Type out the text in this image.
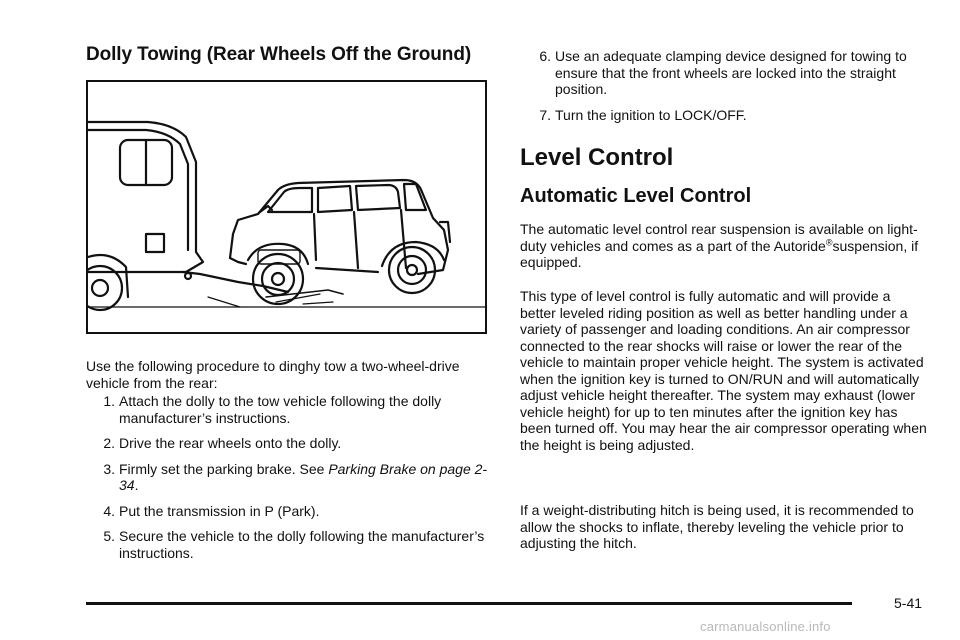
Dolly Towing (Rear Wheels Off the Ground)

Use the following procedure to dinghy tow a two-wheel-drive vehicle from the rear:

1. Attach the dolly to the tow vehicle following the dolly manufacturer’s instructions.
2. Drive the rear wheels onto the dolly.
3. Firmly set the parking brake. See Parking Brake on page 2-34.
4. Put the transmission in P (Park).
5. Secure the vehicle to the dolly following the manufacturer’s instructions.
6. Use an adequate clamping device designed for towing to ensure that the front wheels are locked into the straight position.
7. Turn the ignition to LOCK/OFF.
Level Control
Automatic Level Control

The automatic level control rear suspension is available on light-duty vehicles and comes as a part of the Autoride®suspension, if equipped.

This type of level control is fully automatic and will provide a better leveled riding position as well as better handling under a variety of passenger and loading conditions. An air compressor connected to the rear shocks will raise or lower the rear of the vehicle to maintain proper vehicle height. The system is activated when the ignition key is turned to ON/RUN and will automatically adjust vehicle height thereafter. The system may exhaust (lower vehicle height) for up to ten minutes after the ignition key has been turned off. You may hear the air compressor operating when the height is being adjusted.

If a weight-distributing hitch is being used, it is recommended to allow the shocks to inflate, thereby leveling the vehicle prior to adjusting the hitch.

5-41
carmanualsonline.info
